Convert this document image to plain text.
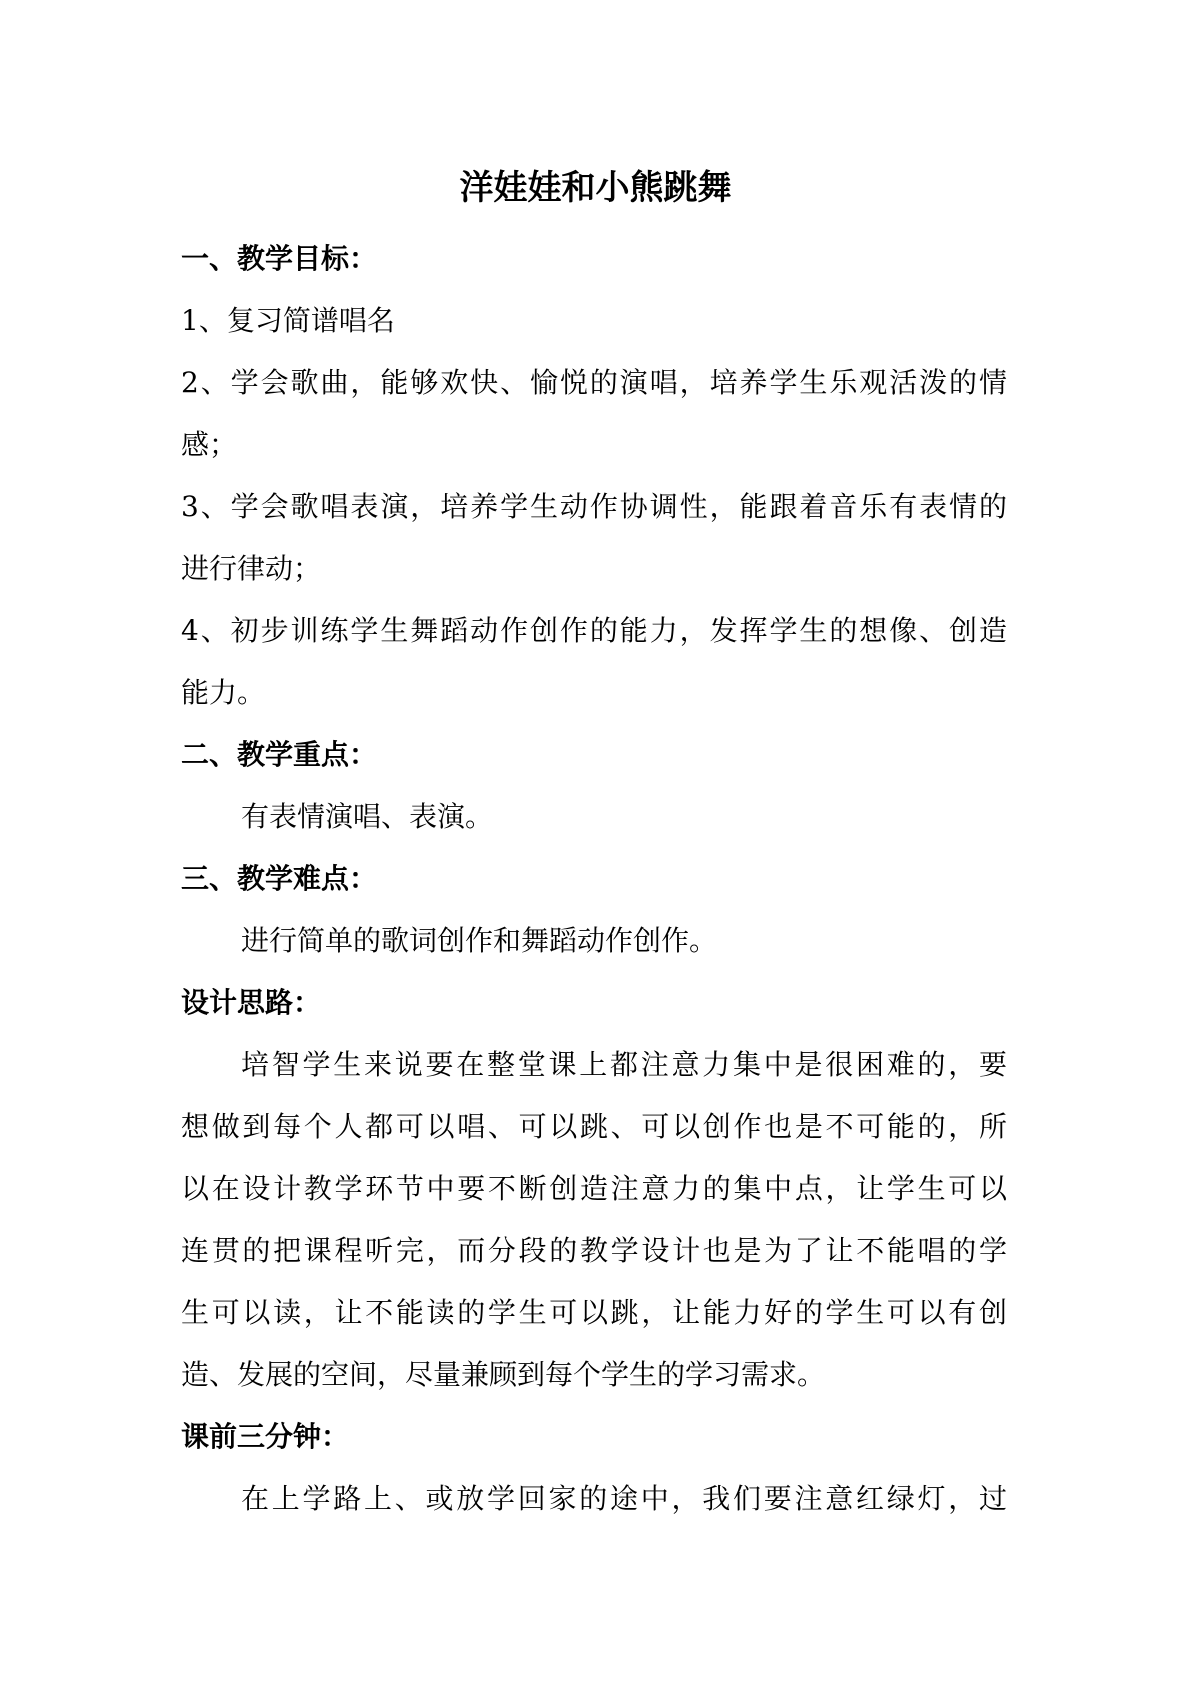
洋娃娃和小熊跳舞

一、教学目标：

1、复习简谱唱名

2、学会歌曲，能够欢快、愉悦的演唱，培养学生乐观活泼的情

感；

3、学会歌唱表演，培养学生动作协调性，能跟着音乐有表情的

进行律动；

4、初步训练学生舞蹈动作创作的能力，发挥学生的想像、创造

能力。

二、教学重点：

有表情演唱、表演。

三、教学难点：

进行简单的歌词创作和舞蹈动作创作。

设计思路：

培智学生来说要在整堂课上都注意力集中是很困难的，要

想做到每个人都可以唱、可以跳、可以创作也是不可能的，所

以在设计教学环节中要不断创造注意力的集中点，让学生可以

连贯的把课程听完，而分段的教学设计也是为了让不能唱的学

生可以读，让不能读的学生可以跳，让能力好的学生可以有创

造、发展的空间，尽量兼顾到每个学生的学习需求。

课前三分钟：

在上学路上、或放学回家的途中，我们要注意红绿灯，过
